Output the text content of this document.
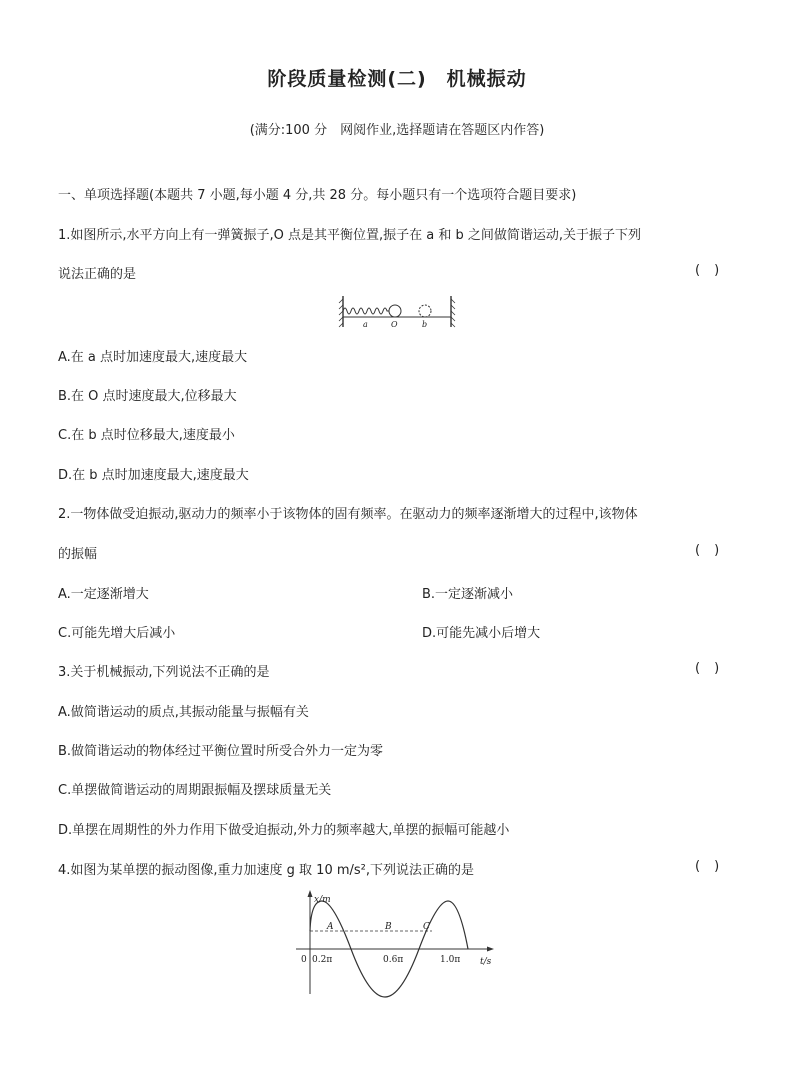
阶段质量检测(二)　机械振动
(满分:100 分　网阅作业,选择题请在答题区内作答)
一、单项选择题(本题共 7 小题,每小题 4 分,共 28 分。每小题只有一个选项符合题目要求)
1.如图所示,水平方向上有一弹簧振子,O 点是其平衡位置,振子在 a 和 b 之间做简谐运动,关于振子下列
说法正确的是	()
a	O	b
A.在 a 点时加速度最大,速度最大
B.在 O 点时速度最大,位移最大
C.在 b 点时位移最大,速度最小
D.在 b 点时加速度最大,速度最大
2.一物体做受迫振动,驱动力的频率小于该物体的固有频率。在驱动力的频率逐渐增大的过程中,该物体
的振幅	()
A.一定逐渐增大	B.一定逐渐减小
C.可能先增大后减小	D.可能先减小后增大
3.关于机械振动,下列说法不正确的是	()
A.做简谐运动的质点,其振动能量与振幅有关
B.做简谐运动的物体经过平衡位置时所受合外力一定为零
C.单摆做简谐运动的周期跟振幅及摆球质量无关
D.单摆在周期性的外力作用下做受迫振动,外力的频率越大,单摆的振幅可能越小
4.如图为某单摆的振动图像,重力加速度 g 取 10 m/s²,下列说法正确的是	()
x/m
t/s
0 0.2π	0.6π	1.0π
A	B	C
